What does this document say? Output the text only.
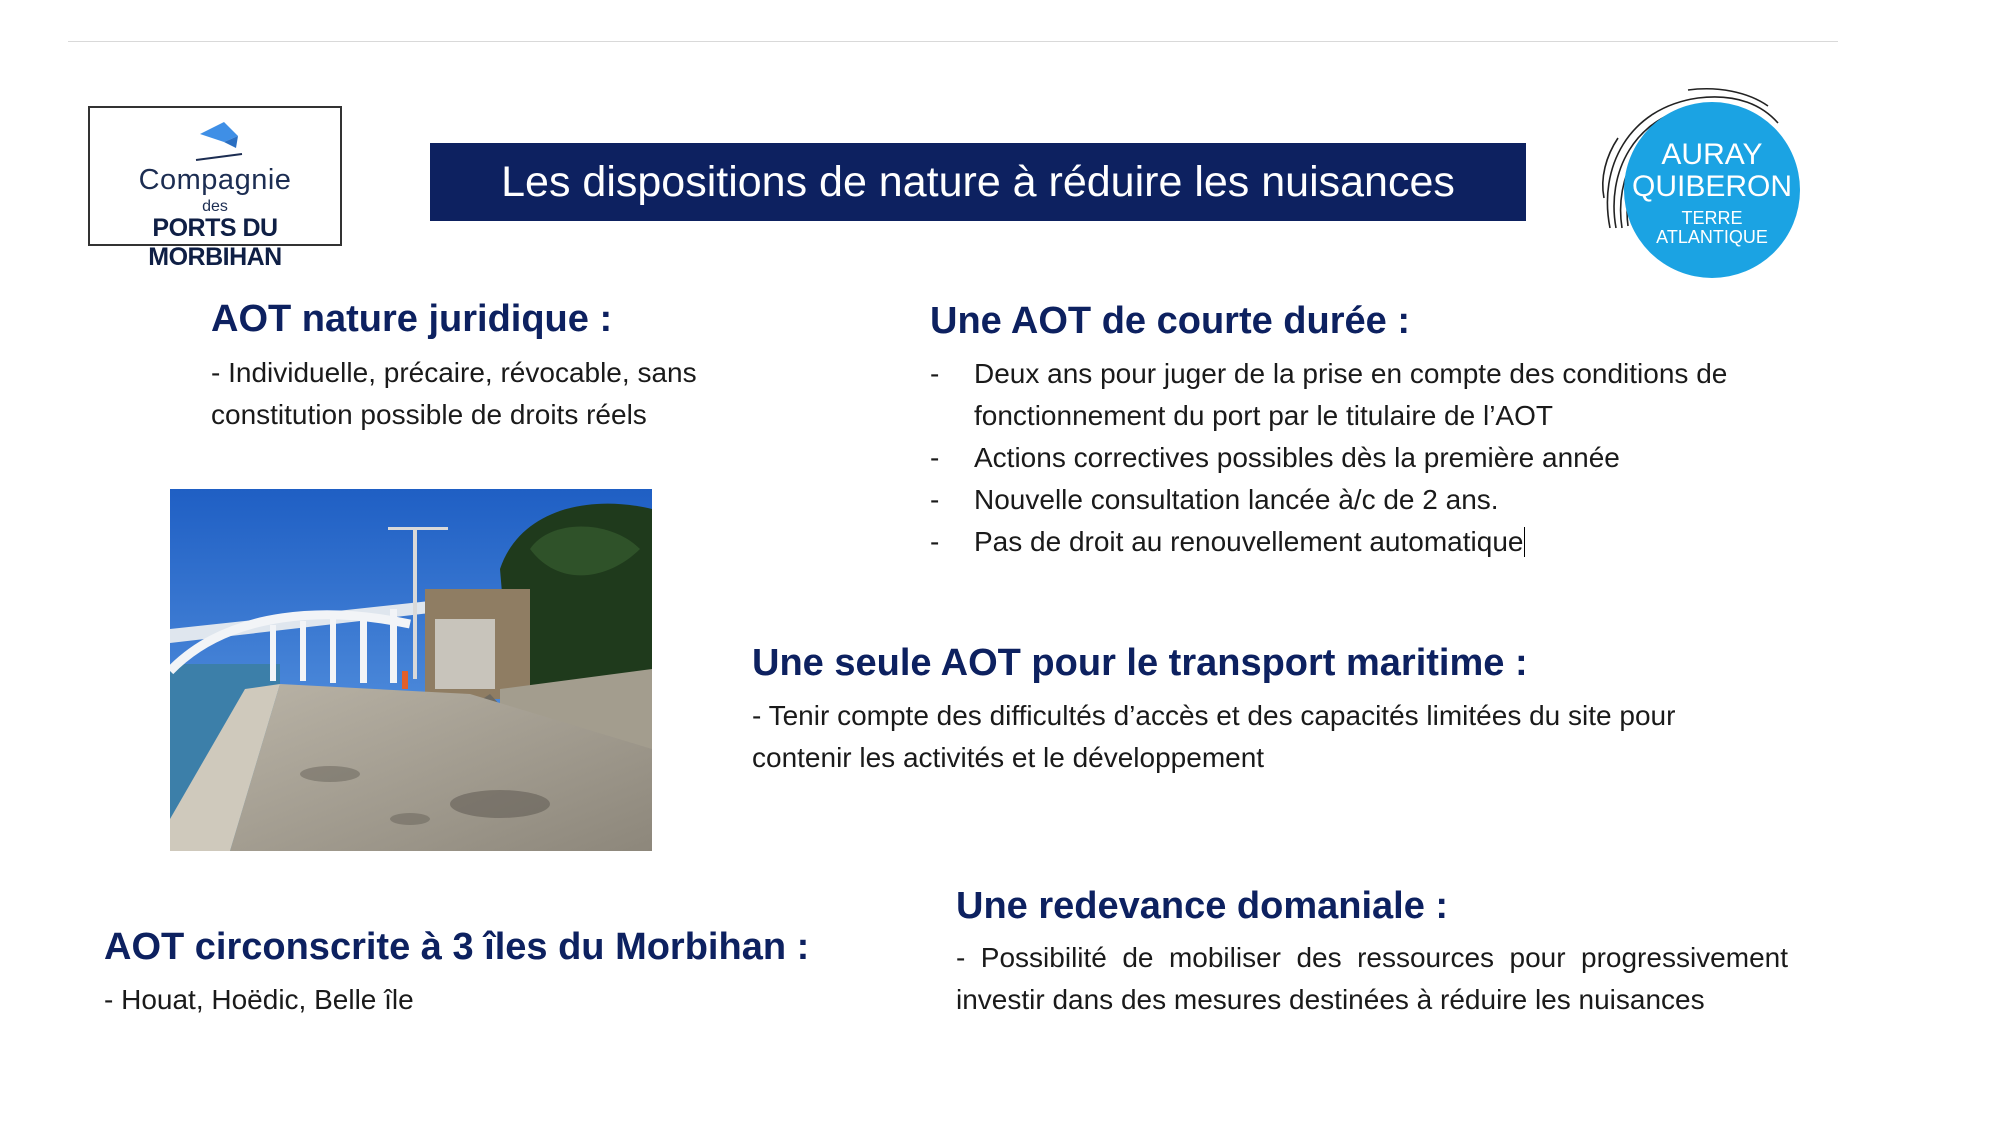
Compagnie
des
PORTS DU MORBIHAN
Les dispositions de nature à réduire les nuisances
AURAY
QUIBERON
TERRE
ATLANTIQUE
AOT nature juridique :

- Individuelle, précaire, révocable, sans constitution possible de droits réels

Une AOT de courte durée :
- Deux ans pour juger de la prise en compte des conditions de fonctionnement du port par le titulaire de l’AOT
- Actions correctives possibles dès la première année
- Nouvelle consultation lancée à/c de 2 ans.
- Pas de droit au renouvellement automatique
Une seule AOT pour le transport maritime :

- Tenir compte des difficultés d’accès et des capacités limitées du site pour contenir les activités et le développement

Une redevance domaniale :

- Possibilité de mobiliser des ressources pour progressivement investir dans des mesures destinées à réduire les nuisances

AOT circonscrite à 3 îles du Morbihan :

- Houat, Hoëdic, Belle île
